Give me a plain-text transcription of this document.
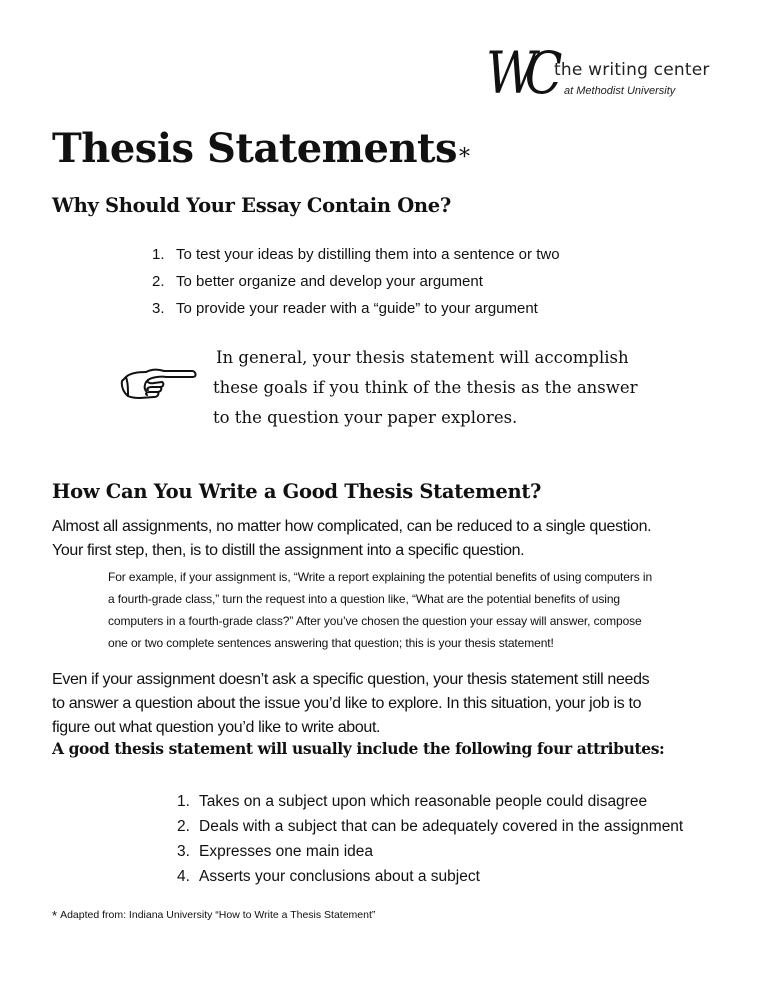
WC the writing center
at Methodist University
Thesis Statements*
Why Should Your Essay Contain One?
1. To test your ideas by distilling them into a sentence or two
2. To better organize and develop your argument
3. To provide your reader with a “guide” to your argument
In general, your thesis statement will accomplish
these goals if you think of the thesis as the answer
to the question your paper explores.
How Can You Write a Good Thesis Statement?
Almost all assignments, no matter how complicated, can be reduced to a single question.
Your first step, then, is to distill the assignment into a specific question.
For example, if your assignment is, “Write a report explaining the potential benefits of using computers in
a fourth-grade class,” turn the request into a question like, “What are the potential benefits of using
computers in a fourth-grade class?” After you’ve chosen the question your essay will answer, compose
one or two complete sentences answering that question; this is your thesis statement!
Even if your assignment doesn’t ask a specific question, your thesis statement still needs
to answer a question about the issue you’d like to explore. In this situation, your job is to
figure out what question you’d like to write about.
A good thesis statement will usually include the following four attributes:
1. Takes on a subject upon which reasonable people could disagree
2. Deals with a subject that can be adequately covered in the assignment
3. Expresses one main idea
4. Asserts your conclusions about a subject
* Adapted from: Indiana University “How to Write a Thesis Statement”
